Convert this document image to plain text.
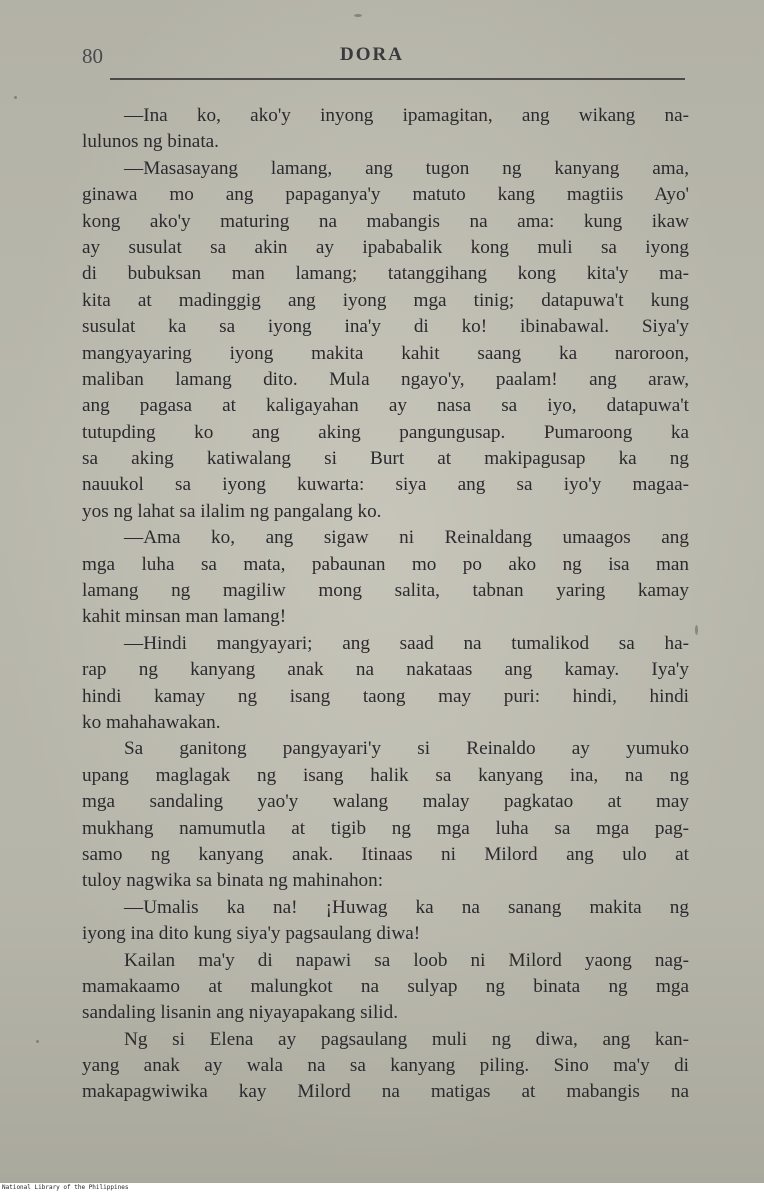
80	DORA
—Ina ko, ako'y inyong ipamagitan, ang wikang na-
lulunos ng binata.
—Masasayang lamang, ang tugon ng kanyang ama,
ginawa mo ang papaganya'y matuto kang magtiis Ayo'
kong ako'y maturing na mabangis na ama: kung ikaw
ay susulat sa akin ay ipababalik kong muli sa iyong
di bubuksan man lamang; tatanggihang kong kita'y ma-
kita at madinggig ang iyong mga tinig; datapuwa't kung
susulat ka sa iyong ina'y di ko! ibinabawal. Siya'y
mangyayaring iyong makita kahit saang ka naroroon,
maliban lamang dito. Mula ngayo'y, paalam! ang araw,
ang pagasa at kaligayahan ay nasa sa iyo, datapuwa't
tutupding ko ang aking pangungusap. Pumaroong ka
sa aking katiwalang si Burt at makipagusap ka ng
nauukol sa iyong kuwarta: siya ang sa iyo'y magaa-
yos ng lahat sa ilalim ng pangalang ko.
—Ama ko, ang sigaw ni Reinaldang umaagos ang
mga luha sa mata, pabaunan mo po ako ng isa man
lamang ng magiliw mong salita, tabnan yaring kamay
kahit minsan man lamang!
—Hindi mangyayari; ang saad na tumalikod sa ha-
rap ng kanyang anak na nakataas ang kamay. Iya'y
hindi kamay ng isang taong may puri: hindi, hindi
ko mahahawakan.
Sa ganitong pangyayari'y si Reinaldo ay yumuko
upang maglagak ng isang halik sa kanyang ina, na ng
mga sandaling yao'y walang malay pagkatao at may
mukhang namumutla at tigib ng mga luha sa mga pag-
samo ng kanyang anak. Itinaas ni Milord ang ulo at
tuloy nagwika sa binata ng mahinahon:
—Umalis ka na! ¡Huwag ka na sanang makita ng
iyong ina dito kung siya'y pagsaulang diwa!
Kailan ma'y di napawi sa loob ni Milord yaong nag-
mamakaamo at malungkot na sulyap ng binata ng mga
sandaling lisanin ang niyayapakang silid.
Ng si Elena ay pagsaulang muli ng diwa, ang kan-
yang anak ay wala na sa kanyang piling. Sino ma'y di
makapagwiwika kay Milord na matigas at mabangis na
National Library of the Philippines
